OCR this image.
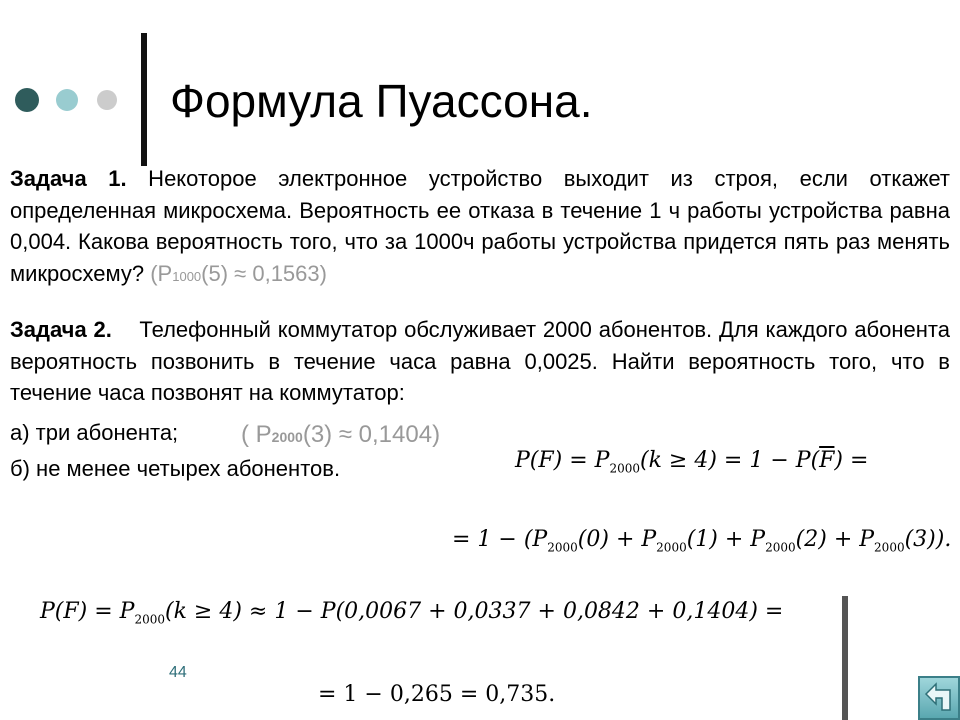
Формула Пуассона.

Задача 1. Некоторое электронное устройство выходит из строя, если откажет определенная микросхема. Вероятность ее отказа в течение 1 ч работы устройства равна 0,004. Какова вероятность того, что за 1000ч работы устройства придется пять раз менять микросхему? (P1000(5) ≈ 0,1563)

Задача 2. Телефонный коммутатор обслуживает 2000 абонентов. Для каждого абонента вероятность позвонить в течение часа равна 0,0025. Найти вероятность того, что в течение часа позвонят на коммутатор:

а) три абонента;	( P2000(3) ≈ 0,1404)
б) не менее четырех абонентов.	$P(F) = P_{2000}(k \ge 4) = 1 - P(\overline{F})$ =
= $1 - (P_{2000}(0) + P_{2000}(1) + P_{2000}(2) + P_{2000}(3))$.
$P(F) = P_{2000}(k \ge 4) \approx 1 - P(0,0067 + 0,0337 + 0,0842 + 0,1404)$ =
= 1 − 0,265 = 0,735.
44
